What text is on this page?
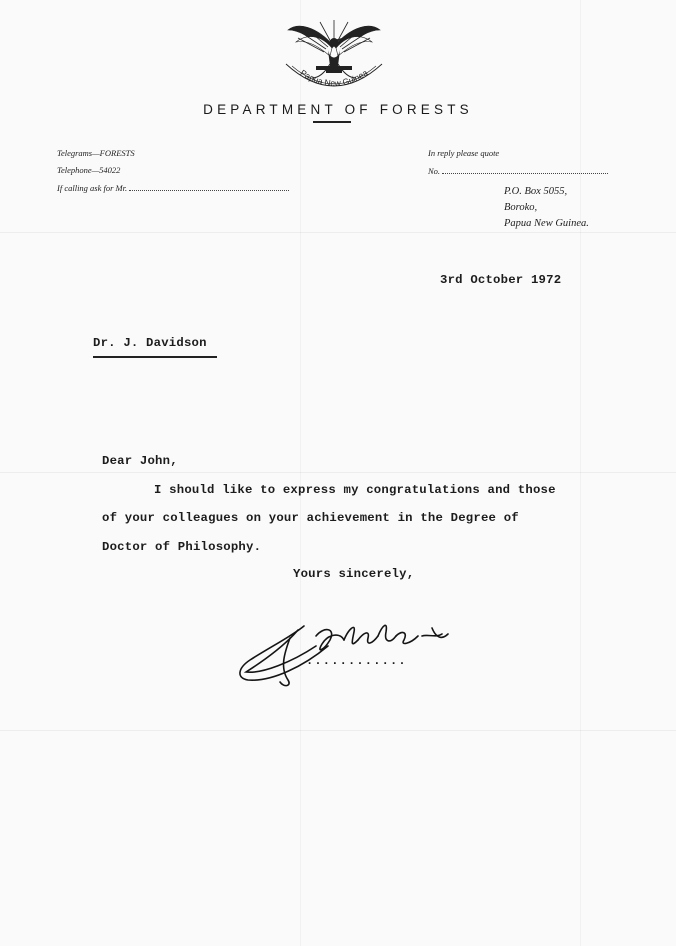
Papua New Guinea
DEPARTMENT OF FORESTS
Telegrams—FORESTS
Telephone—54022
If calling ask for Mr.
In reply please quote
No.
P.O. Box 5055,
Boroko,
Papua New Guinea.
3rd October 1972
Dr. J. Davidson
Dear John,
I should like to express my congratulations and those
of your colleagues on your achievement in the Degree of
Doctor of Philosophy.
Yours sincerely,
............
